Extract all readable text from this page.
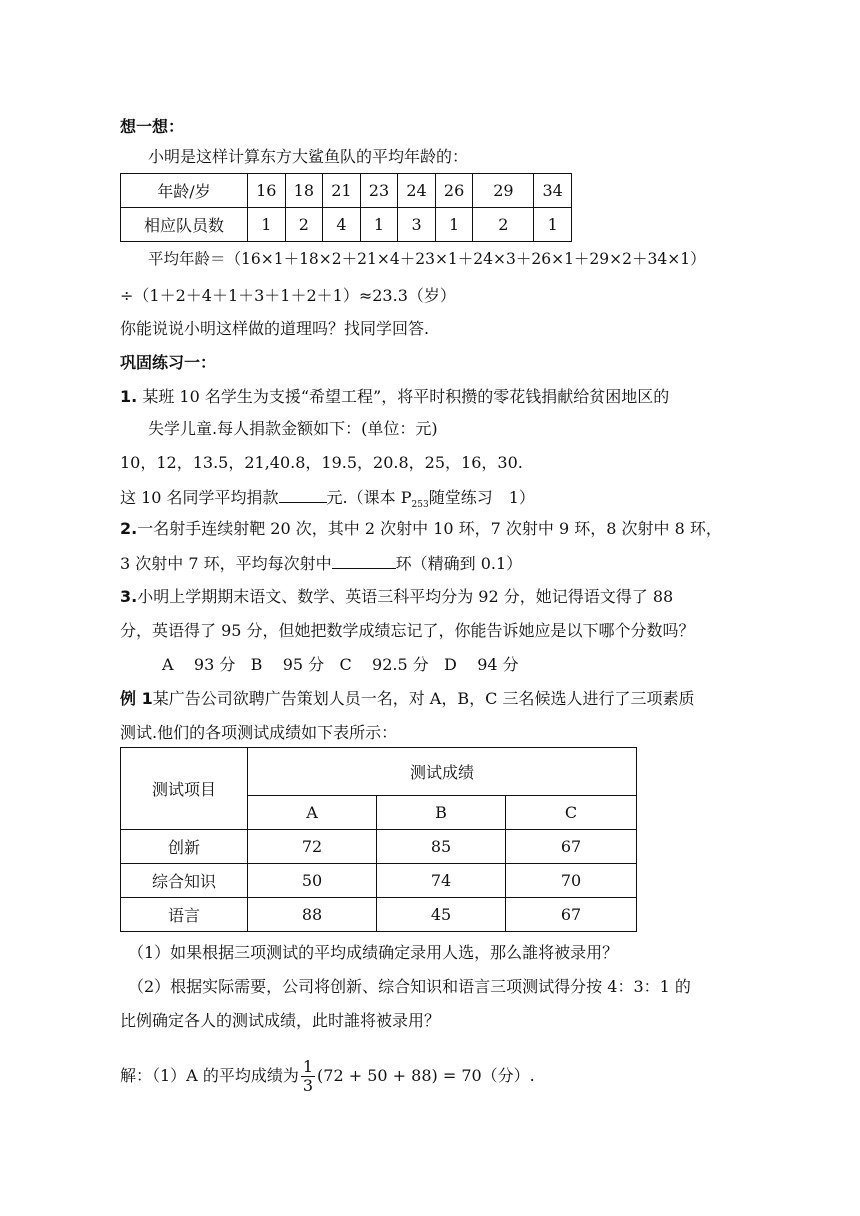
想一想：
小明是这样计算东方大鲨鱼队的平均年龄的：
年龄/岁	16	18	21	23	24	26	29	34
相应队员数	1	2	4	1	3	1	2	1
平均年龄＝（16×1＋18×2＋21×4＋23×1＋24×3＋26×1＋29×2＋34×1）
÷（1＋2＋4＋1＋3＋1＋2＋1）≈23.3（岁）
你能说说小明这样做的道理吗？找同学回答.
巩固练习一：
1. 某班 10 名学生为支援“希望工程”，将平时积攒的零花钱捐献给贫困地区的
失学儿童.每人捐款金额如下：(单位：元)
10，12，13.5，21,40.8，19.5，20.8，25，16，30.
这 10 名同学平均捐款	元.（课本 $P_{253}$随堂练习　1）
2.一名射手连续射靶 20 次，其中 2 次射中 10 环，7 次射中 9 环，8 次射中 8 环，
3 次射中 7 环，平均每次射中	环（精确到 0.1）
3.小明上学期期末语文、数学、英语三科平均分为 92 分，她记得语文得了 88
分，英语得了 95 分，但她把数学成绩忘记了，你能告诉她应是以下哪个分数吗？
A 93 分 B 95 分 C 92.5 分 D 94 分
例 1某广告公司欲聘广告策划人员一名，对 A，B，C 三名候选人进行了三项素质
测试.他们的各项测试成绩如下表所示：
测试项目	测试成绩		
	A	B	C
创新	72	85	67
综合知识	50	74	70
语言	88	45	67
（1）如果根据三项测试的平均成绩确定录用人选，那么誰将被录用？
（2）根据实际需要，公司将创新、综合知识和语言三项测试得分按 4：3：1 的
比例确定各人的测试成绩，此时誰将被录用？
解：（1）A 的平均成绩为 $\frac{1}{3} (72 + 50 + 88) = 70$（分）.
